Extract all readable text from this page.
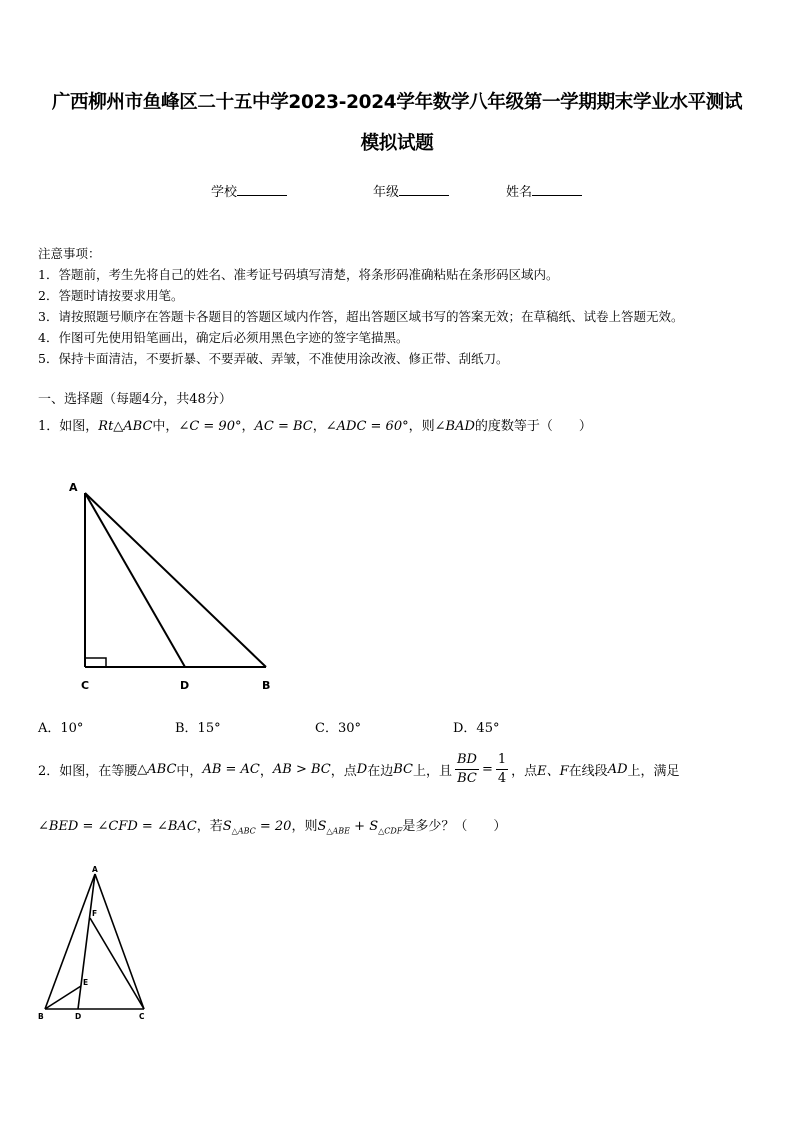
广西柳州市鱼峰区二十五中学2023-2024学年数学八年级第一学期期末学业水平测试
模拟试题
学校	年级	姓名
注意事项：
1．答题前，考生先将自己的姓名、准考证号码填写清楚，将条形码准确粘贴在条形码区域内。
2．答题时请按要求用笔。
3．请按照题号顺序在答题卡各题目的答题区域内作答，超出答题区域书写的答案无效；在草稿纸、试卷上答题无效。
4．作图可先使用铅笔画出，确定后必须用黑色字迹的签字笔描黑。
5．保持卡面清洁，不要折暴、不要弄破、弄皱，不准使用涂改液、修正带、刮纸刀。
一、选择题（每题4分，共48分）
1．如图，Rt△ABC中，∠C = 90°，AC = BC，∠ADC = 60°，则∠BAD的度数等于（　　）
A
C	D	B
A
F
E
B	D	C
A．10°	B．15°	C．30°	D．45°
2．如图，在等腰△ABC中，AB = AC，AB > BC，点D在边BC上，且 $\frac{BD}{BC} = \frac{1}{4}$ ，点E、F在线段AD上，满足
∠BED = ∠CFD = ∠BAC，若$S_{\triangle ABC} = 20$，则$S_{\triangle ABE} + S_{\triangle CDF}$是多少？（　　）
